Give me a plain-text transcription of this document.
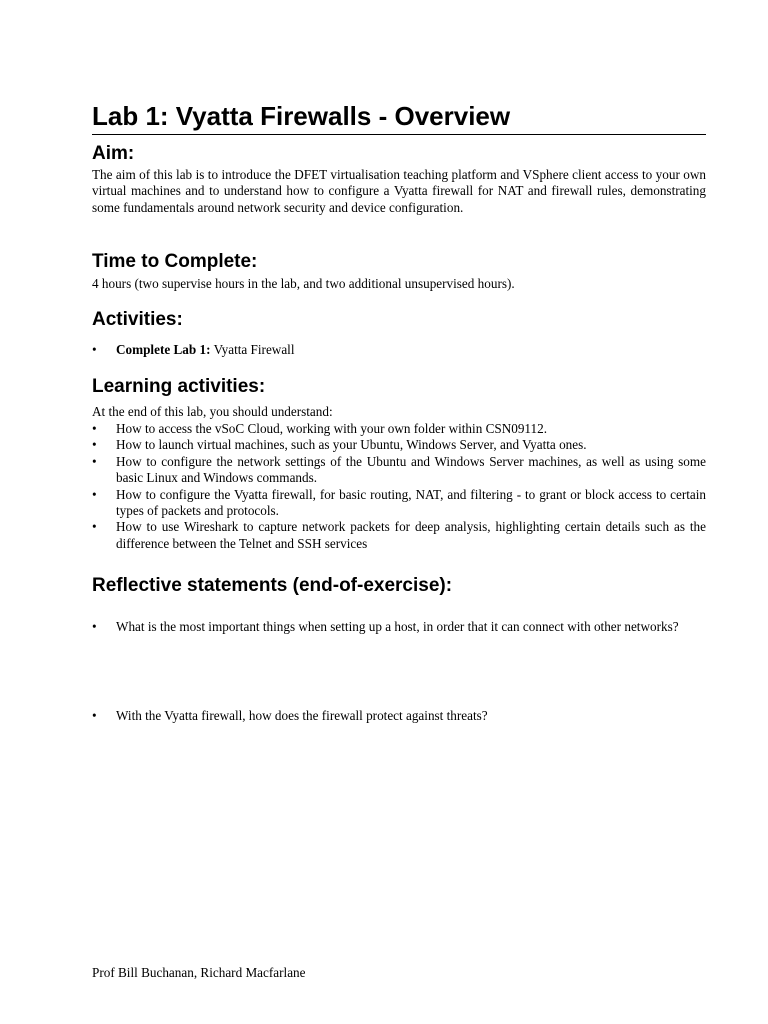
Lab 1: Vyatta Firewalls - Overview
Aim:

The aim of this lab is to introduce the DFET virtualisation teaching platform and VSphere client access to your own virtual machines and to understand how to configure a Vyatta firewall for NAT and firewall rules, demonstrating some fundamentals around network security and device configuration.

Time to Complete:

4 hours (two supervise hours in the lab, and two additional unsupervised hours).

Activities:
• Complete Lab 1: Vyatta Firewall
Learning activities:

At the end of this lab, you should understand:

• How to access the vSoC Cloud, working with your own folder within CSN09112.
• How to launch virtual machines, such as your Ubuntu, Windows Server, and Vyatta ones.
• How to configure the network settings of the Ubuntu and Windows Server machines, as well as using some basic Linux and Windows commands.
• How to configure the Vyatta firewall, for basic routing, NAT, and filtering - to grant or block access to certain types of packets and protocols.
• How to use Wireshark to capture network packets for deep analysis, highlighting certain details such as the difference between the Telnet and SSH services
Reflective statements (end-of-exercise):
• What is the most important things when setting up a host, in order that it can connect with other networks?
• With the Vyatta firewall, how does the firewall protect against threats?
Prof Bill Buchanan, Richard Macfarlane
